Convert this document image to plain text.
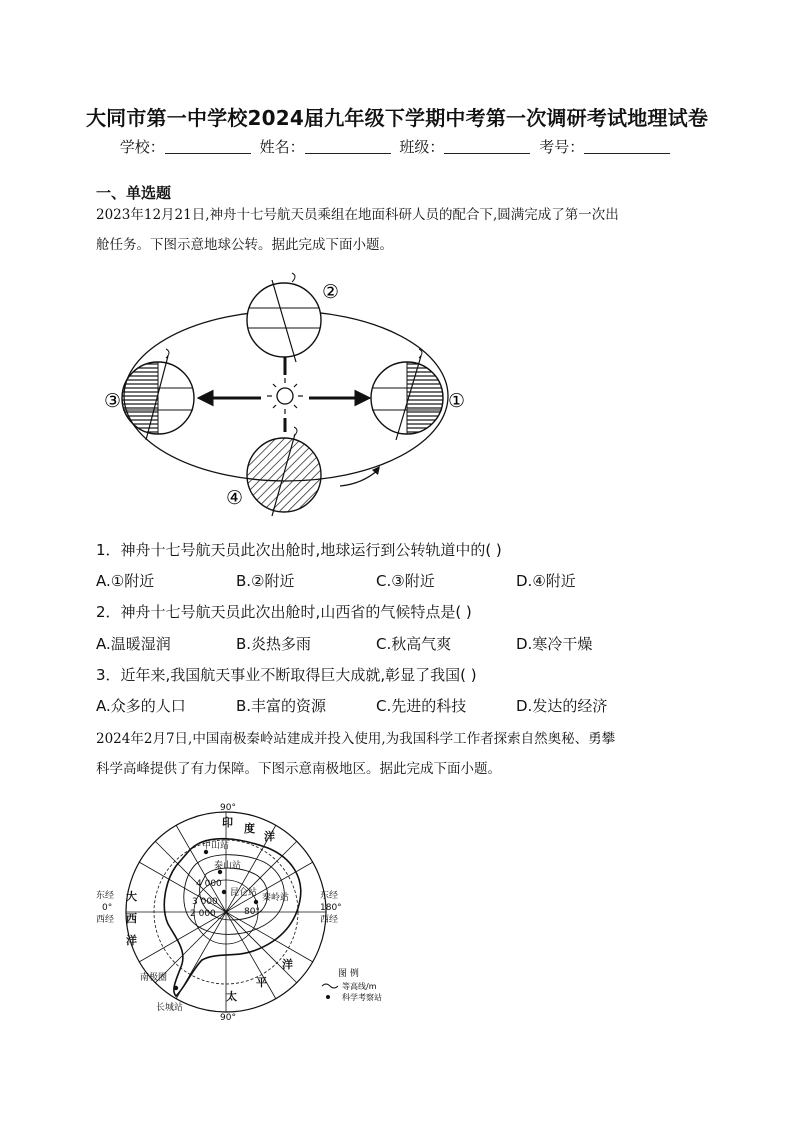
大同市第一中学校2024届九年级下学期中考第一次调研考试地理试卷
学校：	姓名：	班级：	考号：
一、单选题
2023年12月21日,神舟十七号航天员乘组在地面科研人员的配合下,圆满完成了第一次出
舱任务。下图示意地球公转。据此完成下面小题。
②
③	①
④
1．神舟十七号航天员此次出舱时,地球运行到公转轨道中的( )
A.①附近	B.②附近	C.③附近	D.④附近
2．神舟十七号航天员此次出舱时,山西省的气候特点是( )
A.温暖湿润	B.炎热多雨	C.秋高气爽	D.寒冷干燥
3．近年来,我国航天事业不断取得巨大成就,彰显了我国( )
A.众多的人口	B.丰富的资源	C.先进的科技	D.发达的经济
2024年2月7日,中国南极秦岭站建成并投入使用,为我国科学工作者探索自然奥秘、勇攀
科学高峰提供了有力保障。下图示意南极地区。据此完成下面小题。
90°
90°
东经
0°
西经
东经
180°
西经
中山站
泰山站
昆仑站 秦岭站
长城站
南极圈
4 000
3 000
2 000	80°
大
西
洋
印 度
洋
太
平
洋
图 例
等高线/m
科学考察站
